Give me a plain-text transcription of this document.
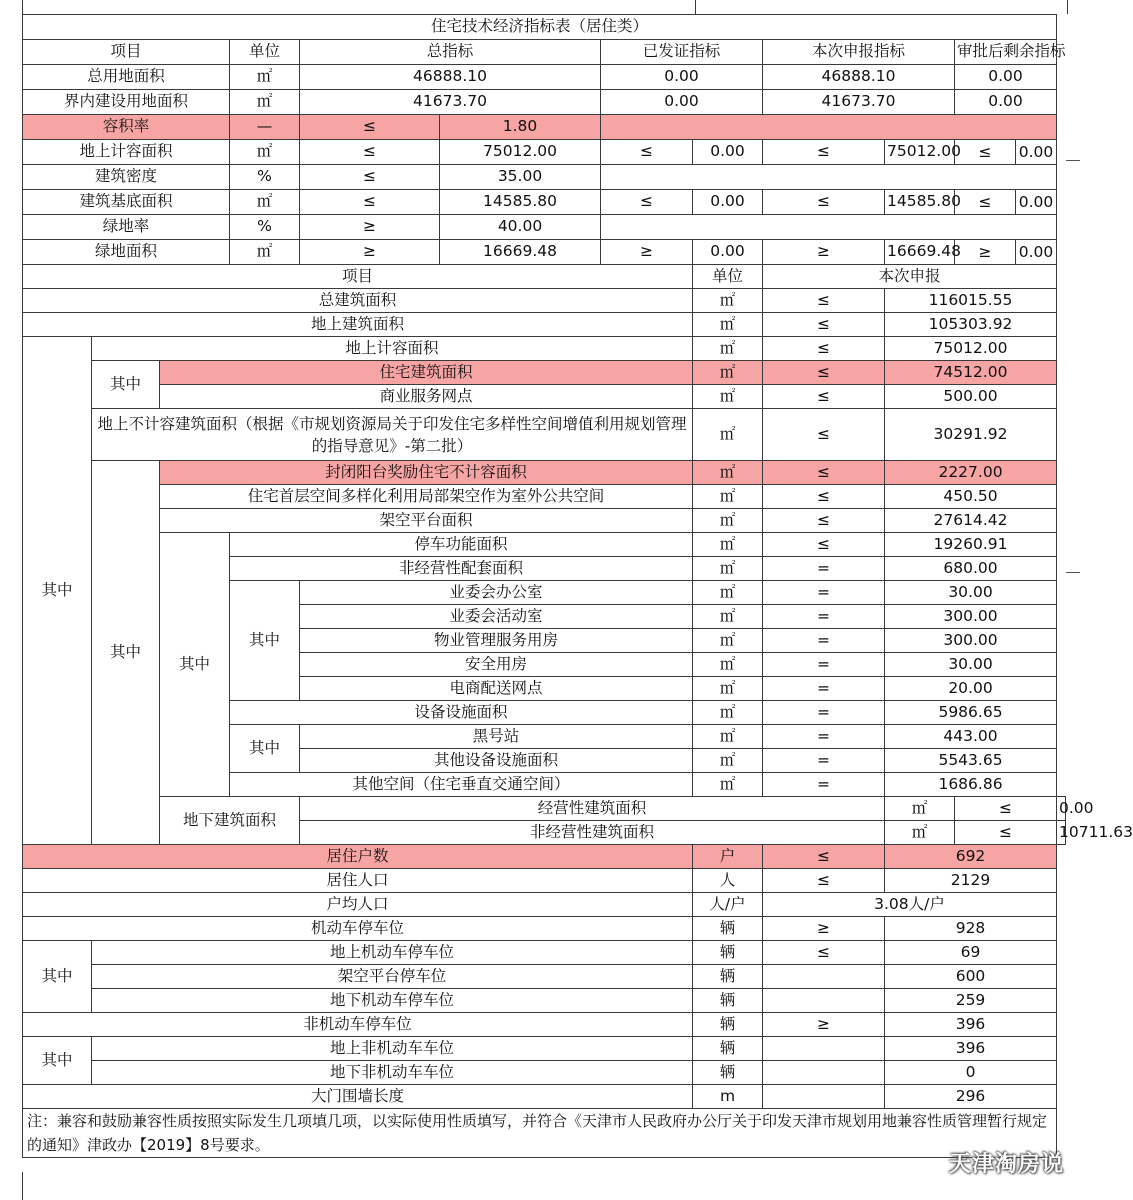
住宅技术经济指标表（居住类）											
项目			单位	总指标		已发证指标		本次申报指标		审批后剩余指标	
总用地面积			㎡	46888.10		0.00		46888.10		0.00	
界内建设用地面积			㎡	41673.70		0.00		41673.70		0.00	
容积率			—	≤	1.80						
地上计容面积			㎡	≤	75012.00	≤	0.00	≤	75012.00	≤ 0.00	

建筑密度			%	≤	35.00						
建筑基底面积			㎡	≤	14585.80	≤	0.00	≤	14585.80	≤ 0.00	

绿地率			%	≥	40.00						
绿地面积			㎡	≥	16669.48	≥	0.00	≥	16669.48	≥ 0.00	

项目							单位	本次申报			
总建筑面积							㎡	≤	116015.55		
地上建筑面积							㎡	≤	105303.92		
其中	地上计容面积						㎡	≤	75012.00		
	其中	住宅建筑面积					㎡	≤	74512.00		
		商业服务网点					㎡	≤	500.00		
	地上不计容建筑面积（根据《市规划资源局关于印发住宅多样性空间增值利用规划管理的指导意见》-第二批）						㎡	≤	30291.92		
	其中	封闭阳台奖励住宅不计容面积					㎡	≤	2227.00		
		住宅首层空间多样化利用局部架空作为室外公共空间					㎡	≤	450.50		
		架空平台面积					㎡	≤	27614.42		
		其中	停车功能面积				㎡	≤	19260.91		
			非经营性配套面积				㎡	=	680.00		
			其中	业委会办公室			㎡	=	30.00		
				业委会活动室			㎡	=	300.00		
				物业管理服务用房			㎡	=	300.00		
				安全用房			㎡	=	30.00		
				电商配送网点			㎡	=	20.00		
			设备设施面积				㎡	=	5986.65		
			其中	黑号站			㎡	=	443.00		
				其他设备设施面积			㎡	=	5543.65		
			其他空间（住宅垂直交通空间）				㎡	=	1686.86		
		地下建筑面积		经营性建筑面积					㎡	≤	0.00
				非经营性建筑面积					㎡	≤	10711.63
居住户数							户	≤	692		
居住人口							人	≤	2129		
户均人口							人/户	3.08人/户			
机动车停车位							辆	≥	928		
其中	地上机动车停车位						辆	≤	69		
	架空平台停车位						辆		600		
	地下机动车停车位						辆		259		
非机动车停车位							辆	≥	396		
其中	地上非机动车车位						辆		396		
	地下非机动车车位						辆		0		
大门围墙长度							m		296		
注：兼容和鼓励兼容性质按照实际发生几项填几项，以实际使用性质填写，并符合《天津市人民政府办公厅关于印发天津市规划用地兼容性质管理暂行规定的通知》津政办【2019】8号要求。											
天津淘房说
